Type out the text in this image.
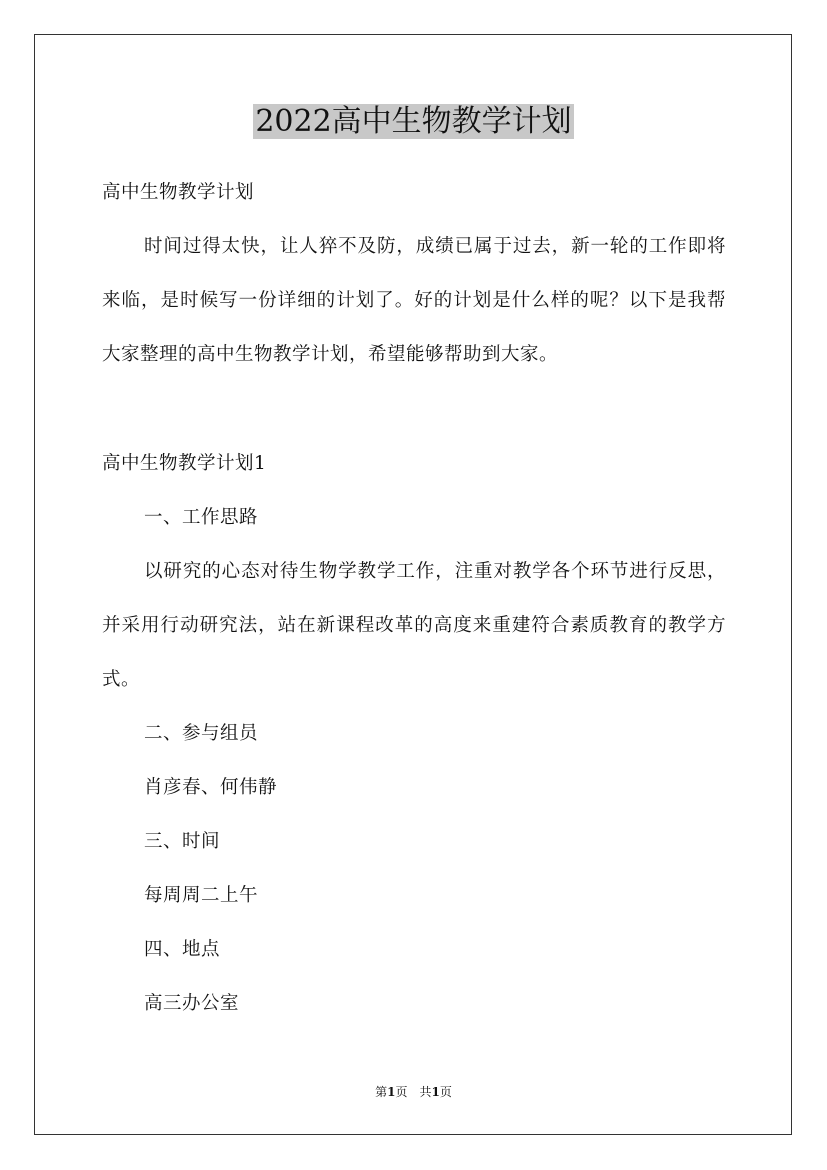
2022高中生物教学计划

高中生物教学计划

时间过得太快，让人猝不及防，成绩已属于过去，新一轮的工作即将来临，是时候写一份详细的计划了。好的计划是什么样的呢？以下是我帮大家整理的高中生物教学计划，希望能够帮助到大家。

高中生物教学计划1

一、工作思路

以研究的心态对待生物学教学工作，注重对教学各个环节进行反思，并采用行动研究法，站在新课程改革的高度来重建符合素质教育的教学方式。

二、参与组员

肖彦春、何伟静

三、时间

每周周二上午

四、地点

高三办公室

第1页　共1页
